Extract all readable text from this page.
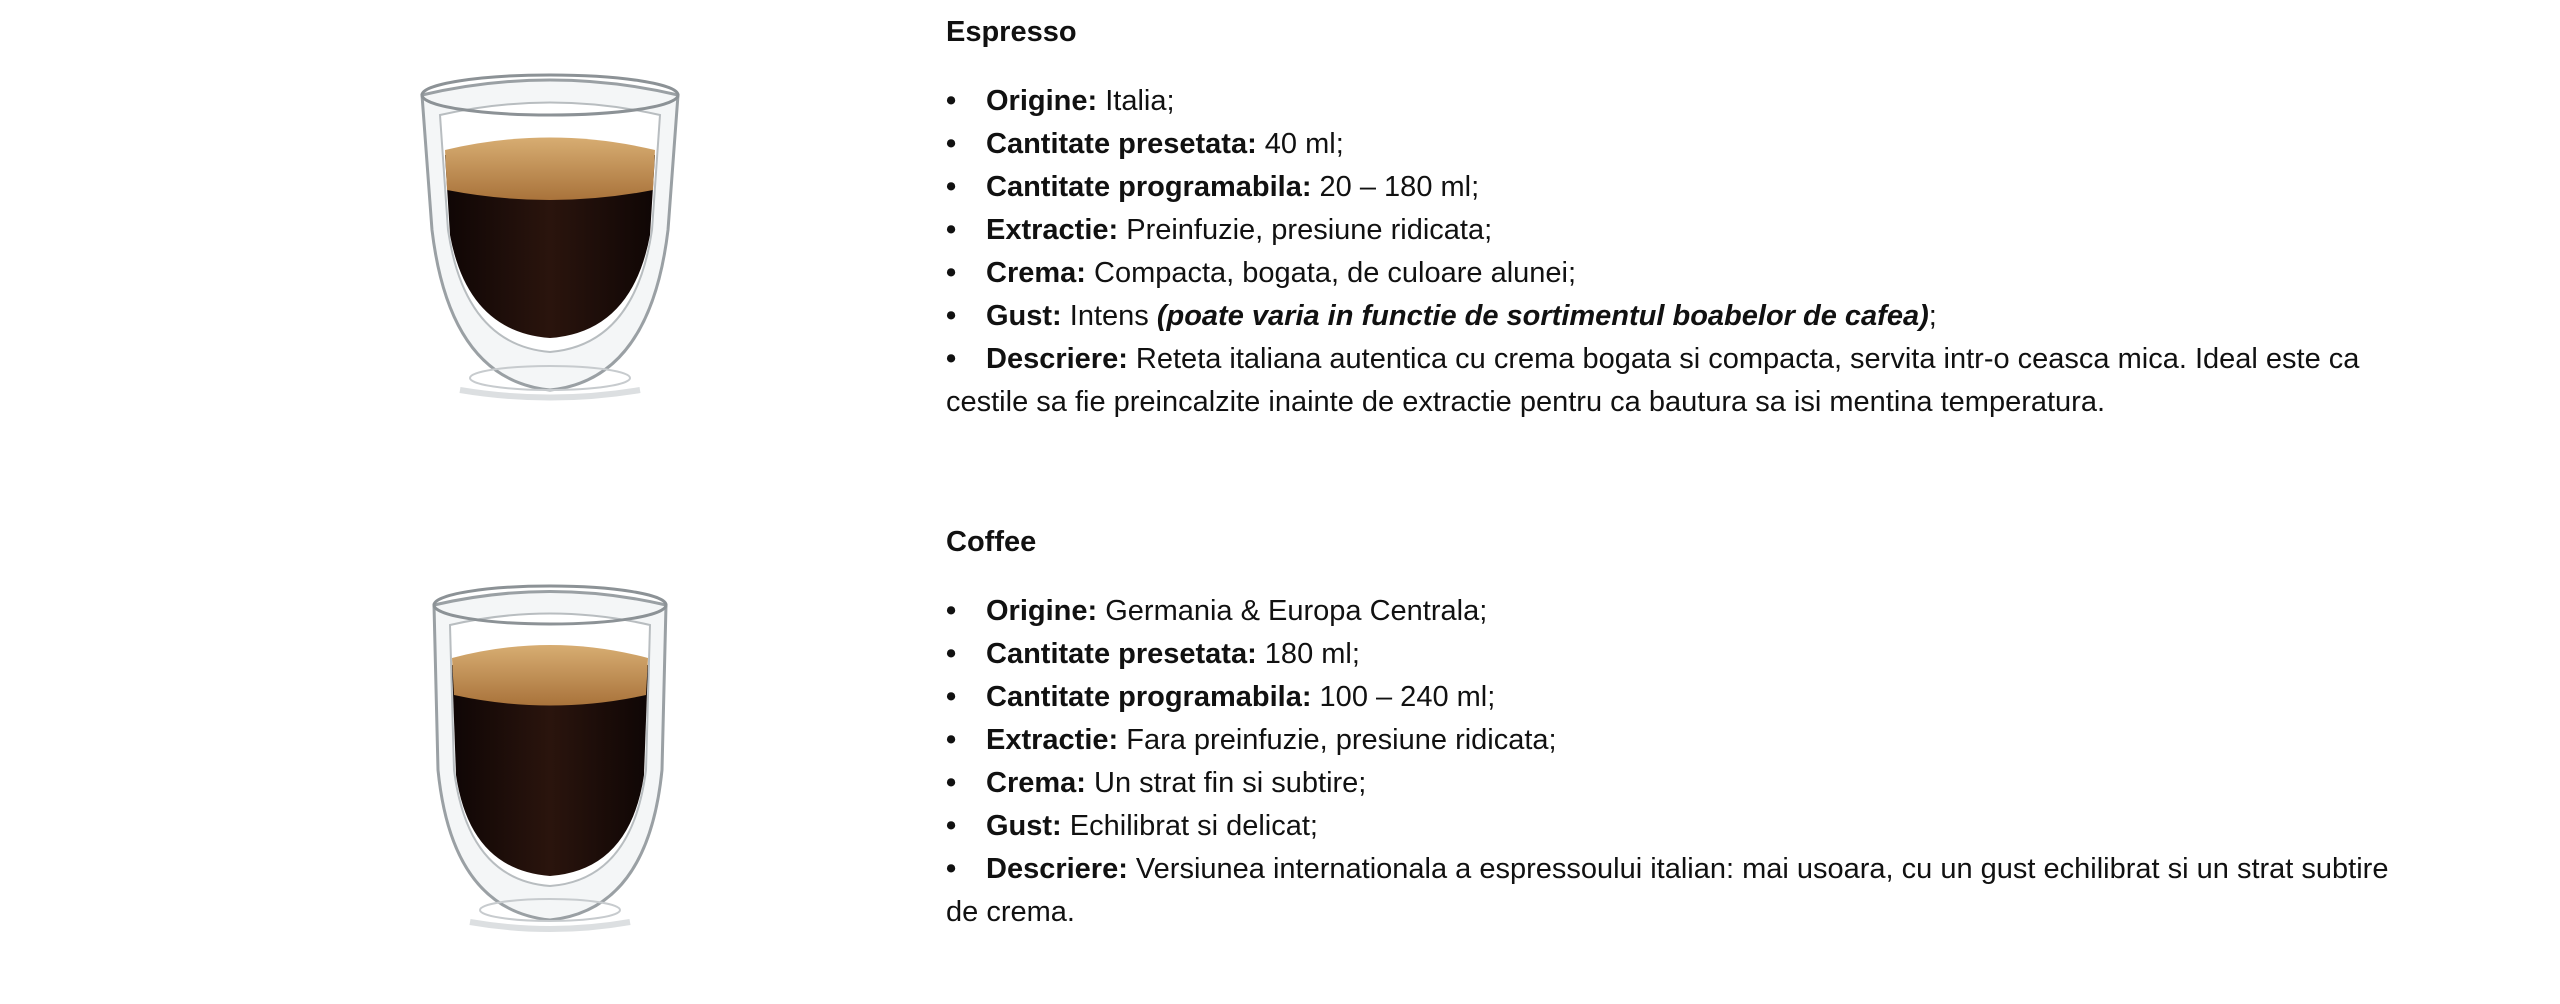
Espresso
• Origine: Italia;
• Cantitate presetata: 40 ml;
• Cantitate programabila: 20 – 180 ml;
• Extractie: Preinfuzie, presiune ridicata;
• Crema: Compacta, bogata, de culoare alunei;
• Gust: Intens (poate varia in functie de sortimentul boabelor de cafea);
• Descriere: Reteta italiana autentica cu crema bogata si compacta, servita intr-o ceasca mica. Ideal este ca cestile sa fie preincalzite inainte de extractie pentru ca bautura sa isi mentina temperatura.
Coffee
• Origine: Germania & Europa Centrala;
• Cantitate presetata: 180 ml;
• Cantitate programabila: 100 – 240 ml;
• Extractie: Fara preinfuzie, presiune ridicata;
• Crema: Un strat fin si subtire;
• Gust: Echilibrat si delicat;
• Descriere: Versiunea internationala a espressoului italian: mai usoara, cu un gust echilibrat si un strat subtire de crema.
